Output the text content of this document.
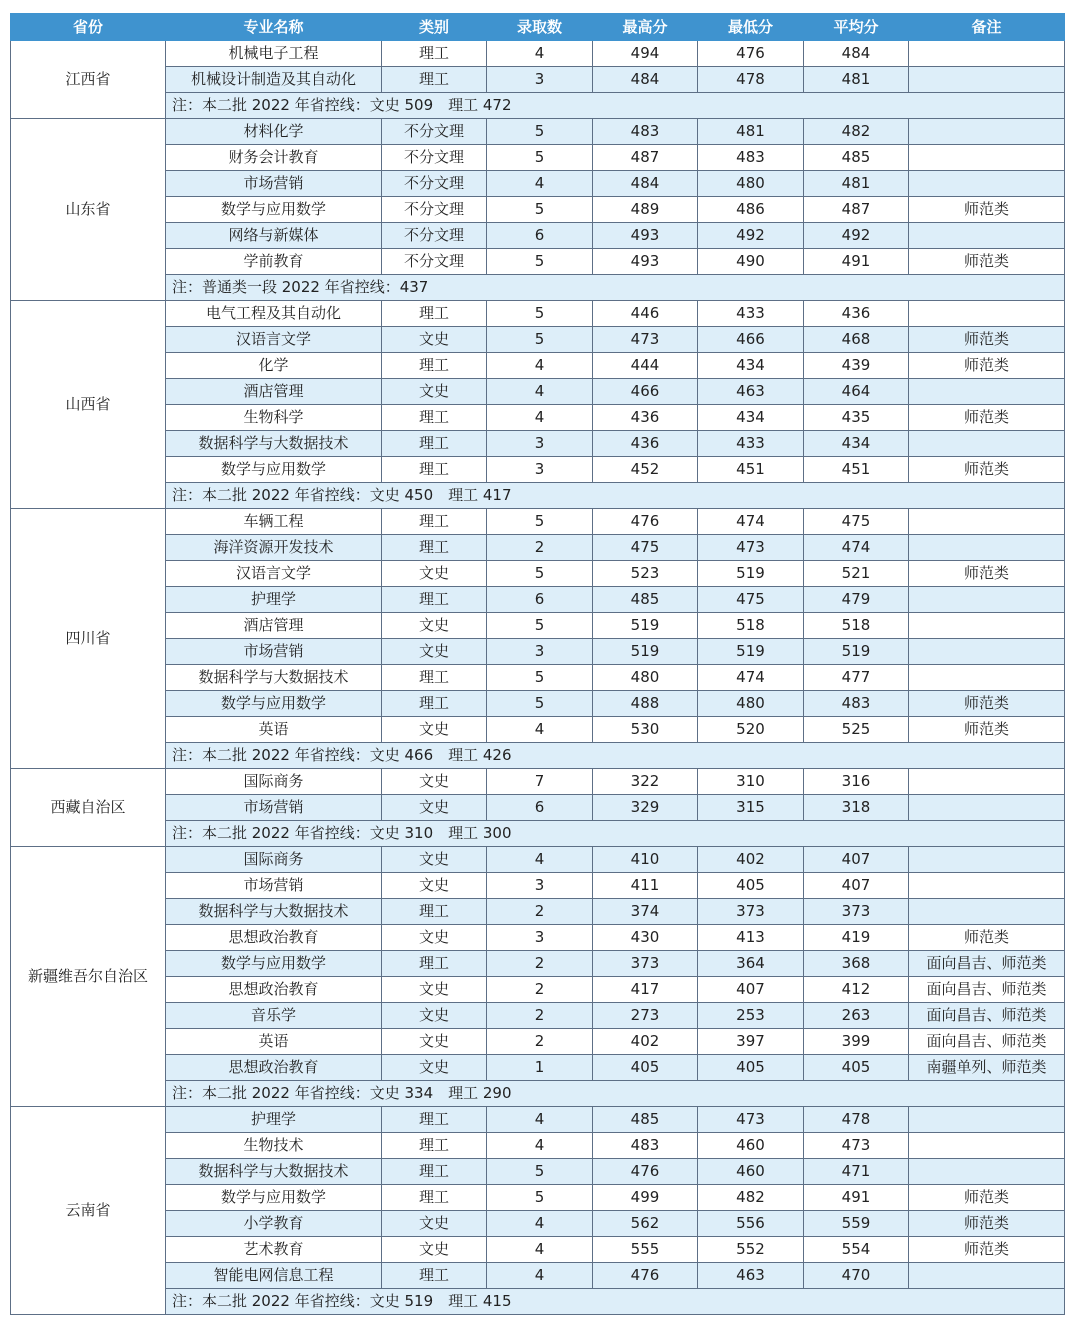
省份	专业名称	类别	录取数	最高分	最低分	平均分	备注
江西省	机械电子工程	理工	4	494	476	484	
	机械设计制造及其自动化	理工	3	484	478	481	
	注：本二批 2022 年省控线：文史 509　理工 472						
山东省	材料化学	不分文理	5	483	481	482	
	财务会计教育	不分文理	5	487	483	485	
	市场营销	不分文理	4	484	480	481	
	数学与应用数学	不分文理	5	489	486	487	师范类
	网络与新媒体	不分文理	6	493	492	492	
	学前教育	不分文理	5	493	490	491	师范类
	注：普通类一段 2022 年省控线：437						
山西省	电气工程及其自动化	理工	5	446	433	436	
	汉语言文学	文史	5	473	466	468	师范类
	化学	理工	4	444	434	439	师范类
	酒店管理	文史	4	466	463	464	
	生物科学	理工	4	436	434	435	师范类
	数据科学与大数据技术	理工	3	436	433	434	
	数学与应用数学	理工	3	452	451	451	师范类
	注：本二批 2022 年省控线：文史 450　理工 417						
四川省	车辆工程	理工	5	476	474	475	
	海洋资源开发技术	理工	2	475	473	474	
	汉语言文学	文史	5	523	519	521	师范类
	护理学	理工	6	485	475	479	
	酒店管理	文史	5	519	518	518	
	市场营销	文史	3	519	519	519	
	数据科学与大数据技术	理工	5	480	474	477	
	数学与应用数学	理工	5	488	480	483	师范类
	英语	文史	4	530	520	525	师范类
	注：本二批 2022 年省控线：文史 466　理工 426						
西藏自治区	国际商务	文史	7	322	310	316	
	市场营销	文史	6	329	315	318	
	注：本二批 2022 年省控线：文史 310　理工 300						
新疆维吾尔自治区	国际商务	文史	4	410	402	407	
	市场营销	文史	3	411	405	407	
	数据科学与大数据技术	理工	2	374	373	373	
	思想政治教育	文史	3	430	413	419	师范类
	数学与应用数学	理工	2	373	364	368	面向昌吉、师范类
	思想政治教育	文史	2	417	407	412	面向昌吉、师范类
	音乐学	文史	2	273	253	263	面向昌吉、师范类
	英语	文史	2	402	397	399	面向昌吉、师范类
	思想政治教育	文史	1	405	405	405	南疆单列、师范类
	注：本二批 2022 年省控线：文史 334　理工 290						
云南省	护理学	理工	4	485	473	478	
	生物技术	理工	4	483	460	473	
	数据科学与大数据技术	理工	5	476	460	471	
	数学与应用数学	理工	5	499	482	491	师范类
	小学教育	文史	4	562	556	559	师范类
	艺术教育	文史	4	555	552	554	师范类
	智能电网信息工程	理工	4	476	463	470	
	注：本二批 2022 年省控线：文史 519　理工 415						
